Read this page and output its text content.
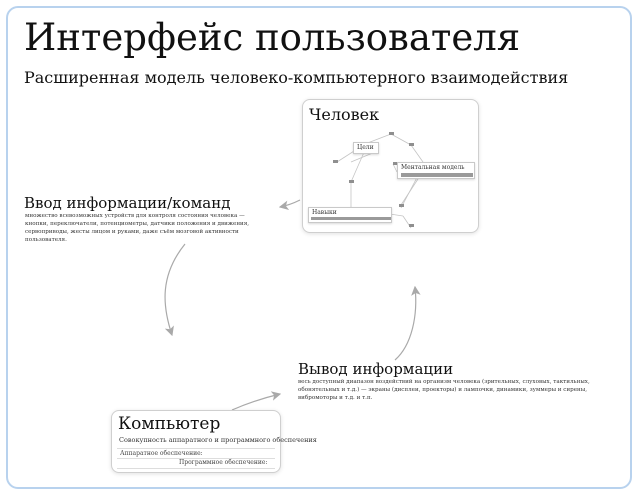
Интерфейс пользователя

Расширенная модель человеко-компьютерного взаимодействия

Человек
Цели
Ментальная модель
Навыки
Ввод информации/команд

множество всевозможных устройств для контроля состояния человека — кнопки, переключатели, потенциометры, датчики положения и движения, сервоприводы, жесты лицом и руками, даже съём мозговой активности пользователя.

Вывод информации

весь доступный диапазон воздействий на организм человека (зрительных, слуховых, тактильных, обонятельных и т.д.) — экраны (дисплеи, проекторы) и лампочки, динамики, зуммеры и сирены, вибромоторы и т.д. и т.п.

Компьютер
Совокупность аппаратного и программного обеспечения
Аппаратное обеспечение:
Программное обеспечение:
